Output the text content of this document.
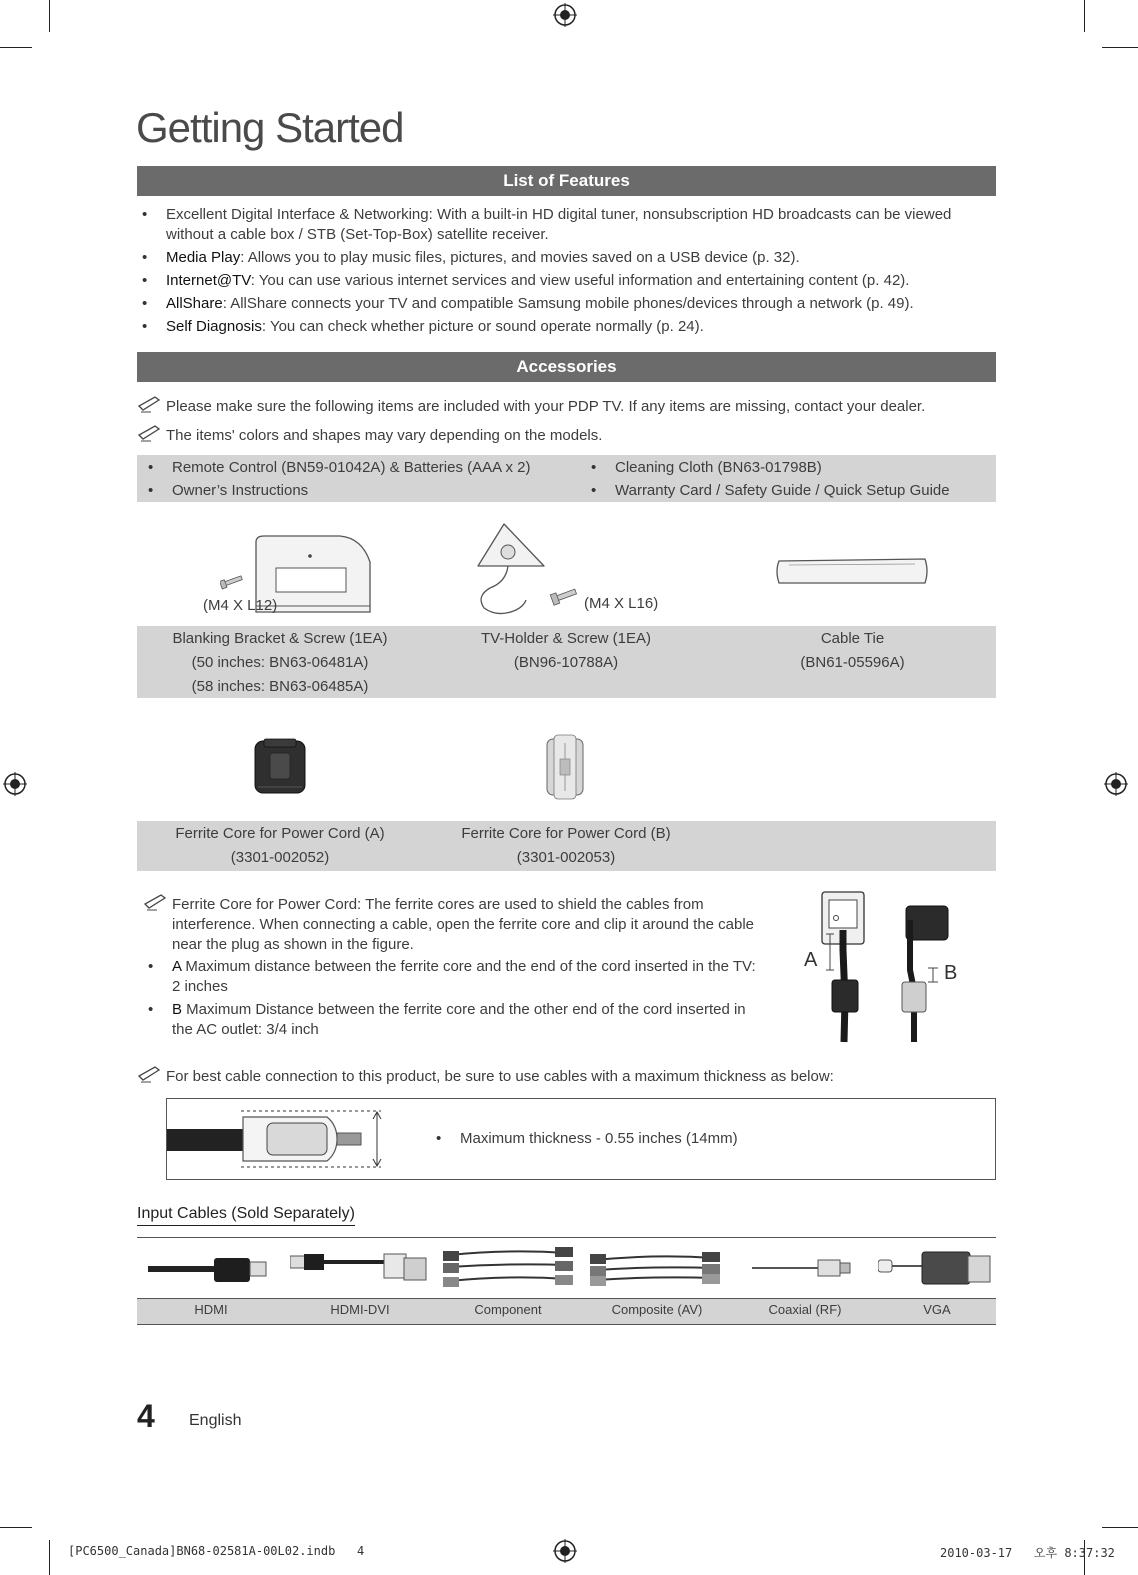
Getting Started
List of Features
• Excellent Digital Interface & Networking: With a built-in HD digital tuner, nonsubscription HD broadcasts can be viewed without a cable box / STB (Set-Top-Box) satellite receiver.
• Media Play: Allows you to play music files, pictures, and movies saved on a USB device (p. 32).
• Internet@TV: You can use various internet services and view useful information and entertaining content (p. 42).
• AllShare: AllShare connects your TV and compatible Samsung mobile phones/devices through a network (p. 49).
• Self Diagnosis: You can check whether picture or sound operate normally (p. 24).
Accessories
Please make sure the following items are included with your PDP TV. If any items are missing, contact your dealer.
The items' colors and shapes may vary depending on the models.
• Remote Control (BN59-01042A) & Batteries (AAA x 2)
• Owner’s Instructions
• Cleaning Cloth (BN63-01798B)
• Warranty Card / Safety Guide / Quick Setup Guide
(M4 X L12)	(M4 X L16)
Blanking Bracket & Screw (1EA)
(50 inches: BN63-06481A)
(58 inches: BN63-06485A)
TV-Holder & Screw (1EA)
(BN96-10788A)
Cable Tie
(BN61-05596A)
Ferrite Core for Power Cord (A)
(3301-002052)
Ferrite Core for Power Cord (B)
(3301-002053)
Ferrite Core for Power Cord: The ferrite cores are used to shield the cables from interference. When connecting a cable, open the ferrite core and clip it around the cable near the plug as shown in the figure.
• A Maximum distance between the ferrite core and the end of the cord inserted in the TV: 2 inches
• B Maximum Distance between the ferrite core and the other end of the cord inserted in the AC outlet: 3/4 inch
A
B
For best cable connection to this product, be sure to use cables with a maximum thickness as below:
• Maximum thickness - 0.55 inches (14mm)
Input Cables (Sold Separately)
HDMI	HDMI-DVI	Component	Composite (AV)	Coaxial (RF)	VGA
4 English
[PC6500_Canada]BN68-02581A-00L02.indb   4	2010-03-17   오후 8:37:32
